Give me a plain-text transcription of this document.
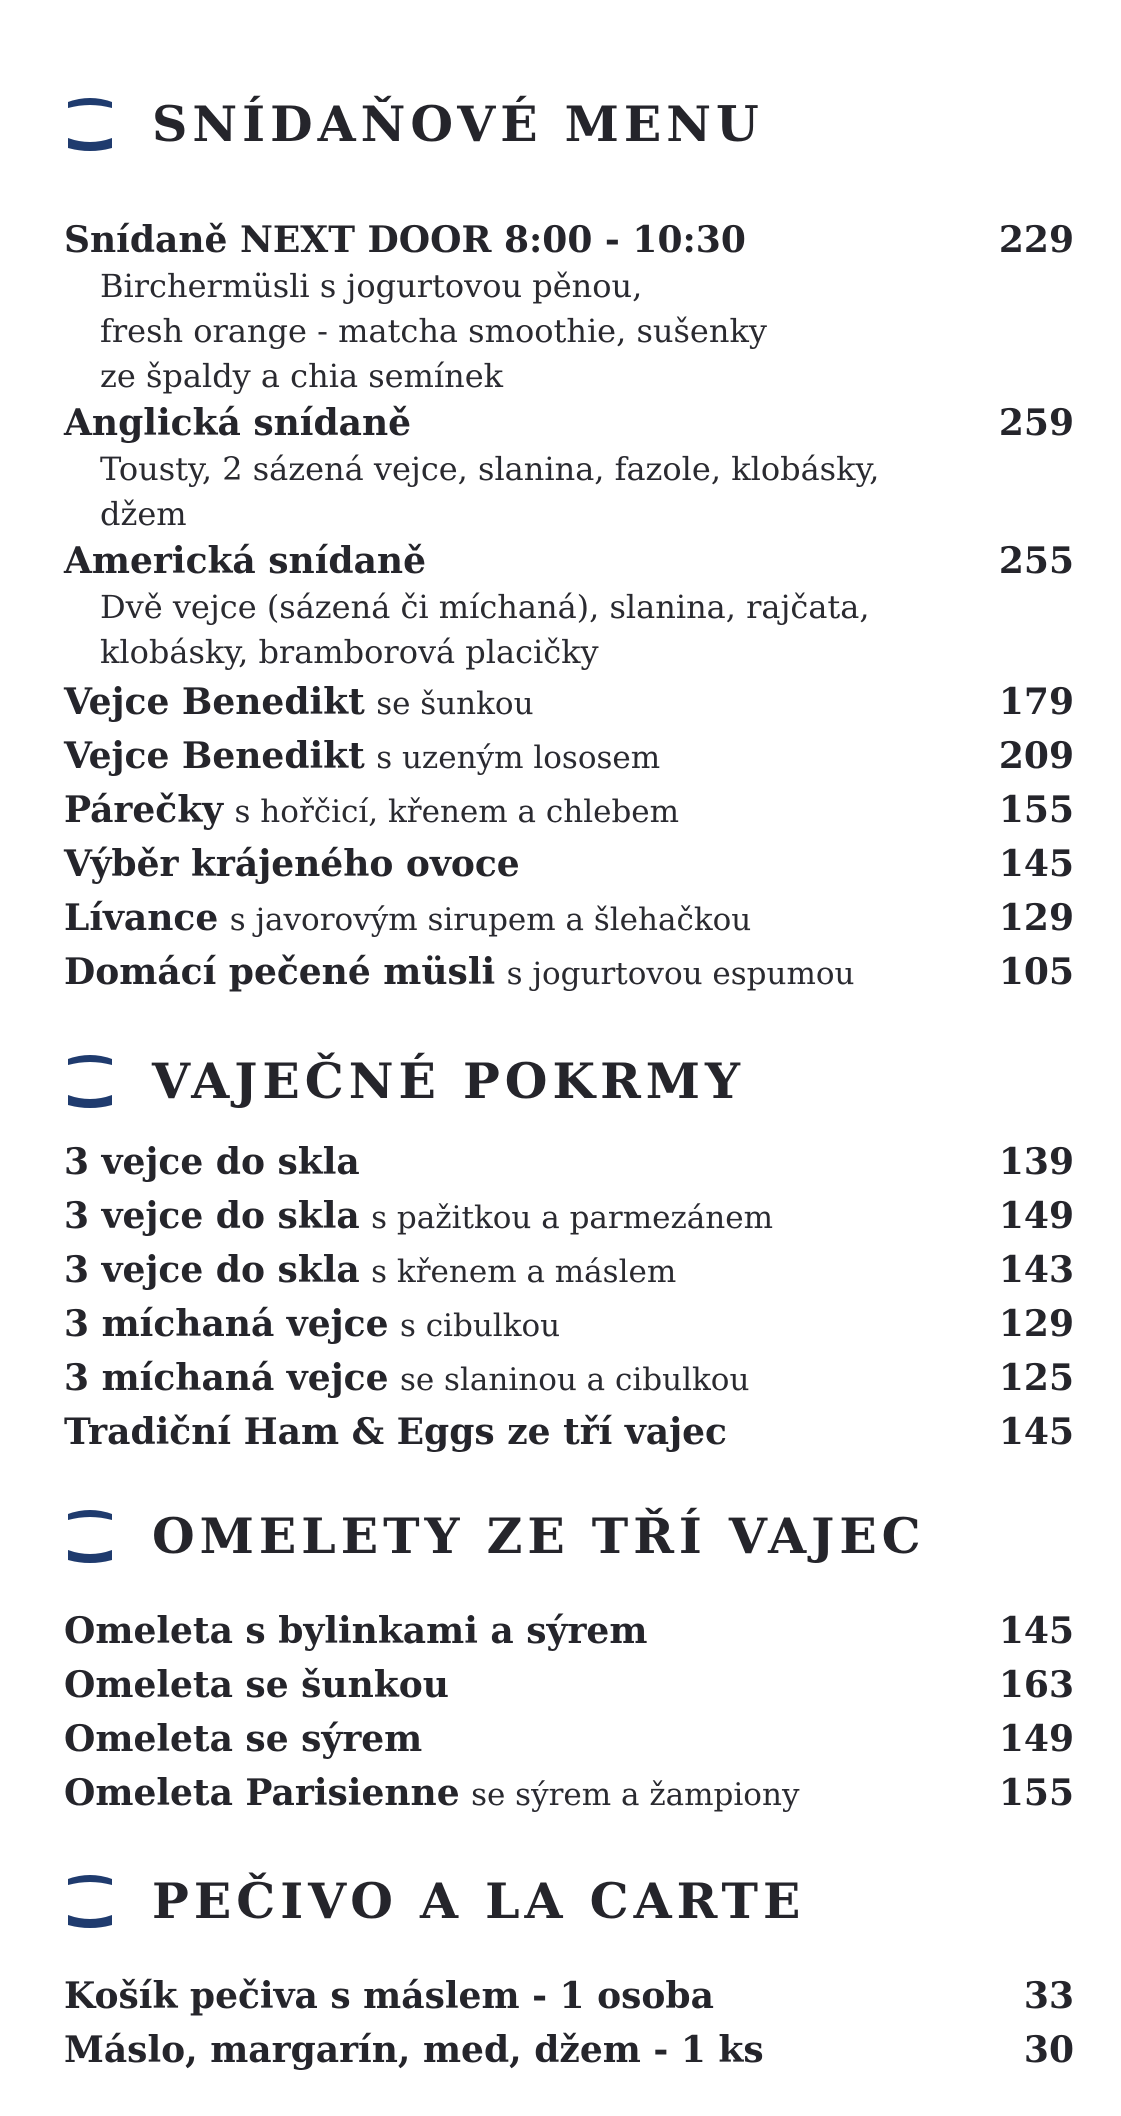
SNÍDAŇOVÉ MENU
Snídaně NEXT DOOR 8:00 - 10:30	229
Birchermüsli s jogurtovou pěnou,
fresh orange - matcha smoothie, sušenky
ze špaldy a chia semínek
Anglická snídaně	259
Tousty, 2 sázená vejce, slanina, fazole, klobásky,
džem
Americká snídaně	255
Dvě vejce (sázená či míchaná), slanina, rajčata,
klobásky, bramborová placičky
Vejce Benedikt se šunkou	179
Vejce Benedikt s uzeným lososem	209
Párečky s hořčicí, křenem a chlebem	155
Výběr krájeného ovoce	145
Lívance s javorovým sirupem a šlehačkou	129
Domácí pečené müsli s jogurtovou espumou	105
VAJEČNÉ POKRMY
3 vejce do skla	139
3 vejce do skla s pažitkou a parmezánem	149
3 vejce do skla s křenem a máslem	143
3 míchaná vejce s cibulkou	129
3 míchaná vejce se slaninou a cibulkou	125
Tradiční Ham & Eggs ze tří vajec	145
OMELETY ZE TŘÍ VAJEC
Omeleta s bylinkami a sýrem	145
Omeleta se šunkou	163
Omeleta se sýrem	149
Omeleta Parisienne se sýrem a žampiony	155
PEČIVO A LA CARTE
Košík pečiva s máslem - 1 osoba	33
Máslo, margarín, med, džem - 1 ks	30
